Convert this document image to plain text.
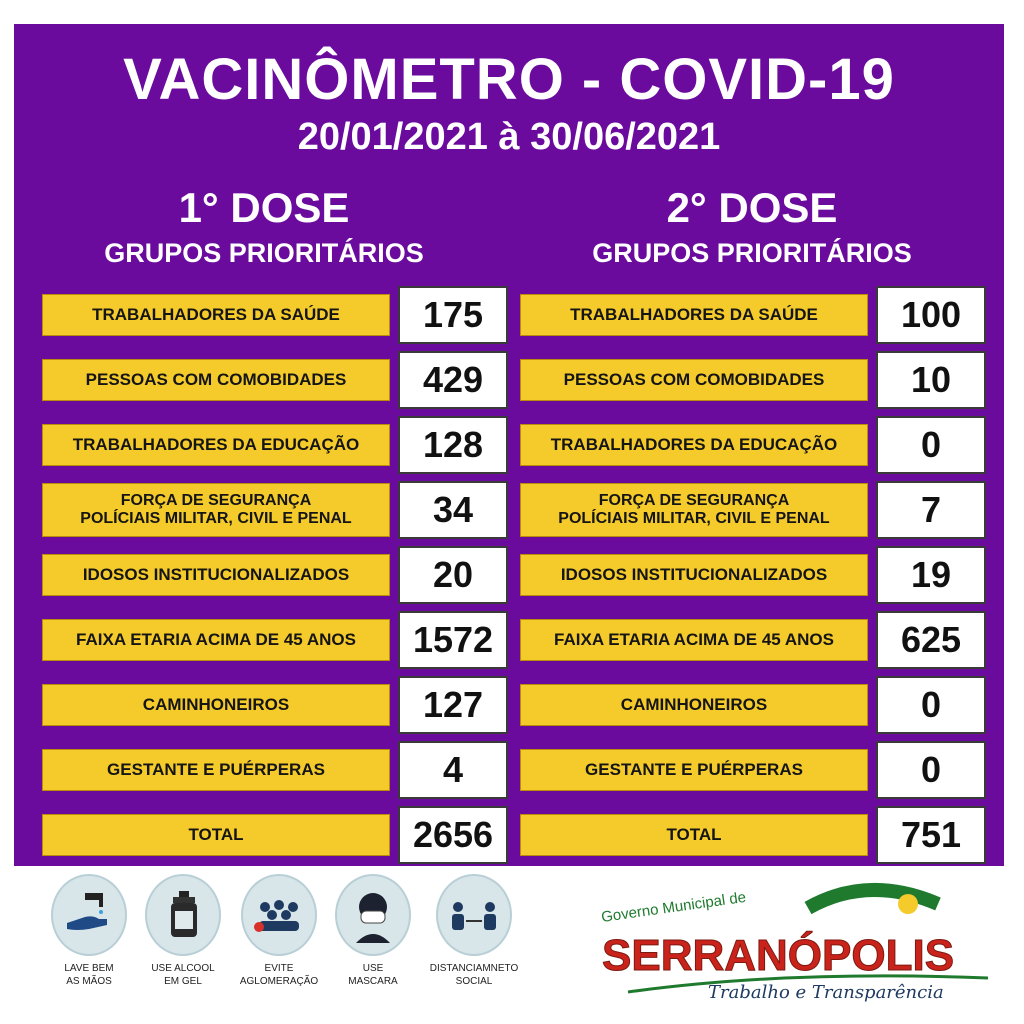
VACINÔMETRO - COVID-19
20/01/2021 à 30/06/2021
1° DOSE
GRUPOS PRIORITÁRIOS
2° DOSE
GRUPOS PRIORITÁRIOS
TRABALHADORES DA SAÚDE	175
PESSOAS COM COMOBIDADES	429
TRABALHADORES DA EDUCAÇÃO	128
FORÇA DE SEGURANÇA
POLÍCIAIS MILITAR, CIVIL E PENAL	34
IDOSOS INSTITUCIONALIZADOS	20
FAIXA ETARIA ACIMA DE 45 ANOS	1572
CAMINHONEIROS	127
GESTANTE E PUÉRPERAS	4
TOTAL	2656
TRABALHADORES DA SAÚDE	100
PESSOAS COM COMOBIDADES	10
TRABALHADORES DA EDUCAÇÃO	0
FORÇA DE SEGURANÇA
POLÍCIAIS MILITAR, CIVIL E PENAL	7
IDOSOS INSTITUCIONALIZADOS	19
FAIXA ETARIA ACIMA DE 45 ANOS	625
CAMINHONEIROS	0
GESTANTE E PUÉRPERAS	0
TOTAL	751
LAVE BEM
AS MÃOS
USE ALCOOL
EM GEL
EVITE
AGLOMERAÇÃO
USE
MASCARA
DISTANCIAMNETO
SOCIAL
Governo Municipal de
SERRANÓPOLIS
Trabalho e Transparência
